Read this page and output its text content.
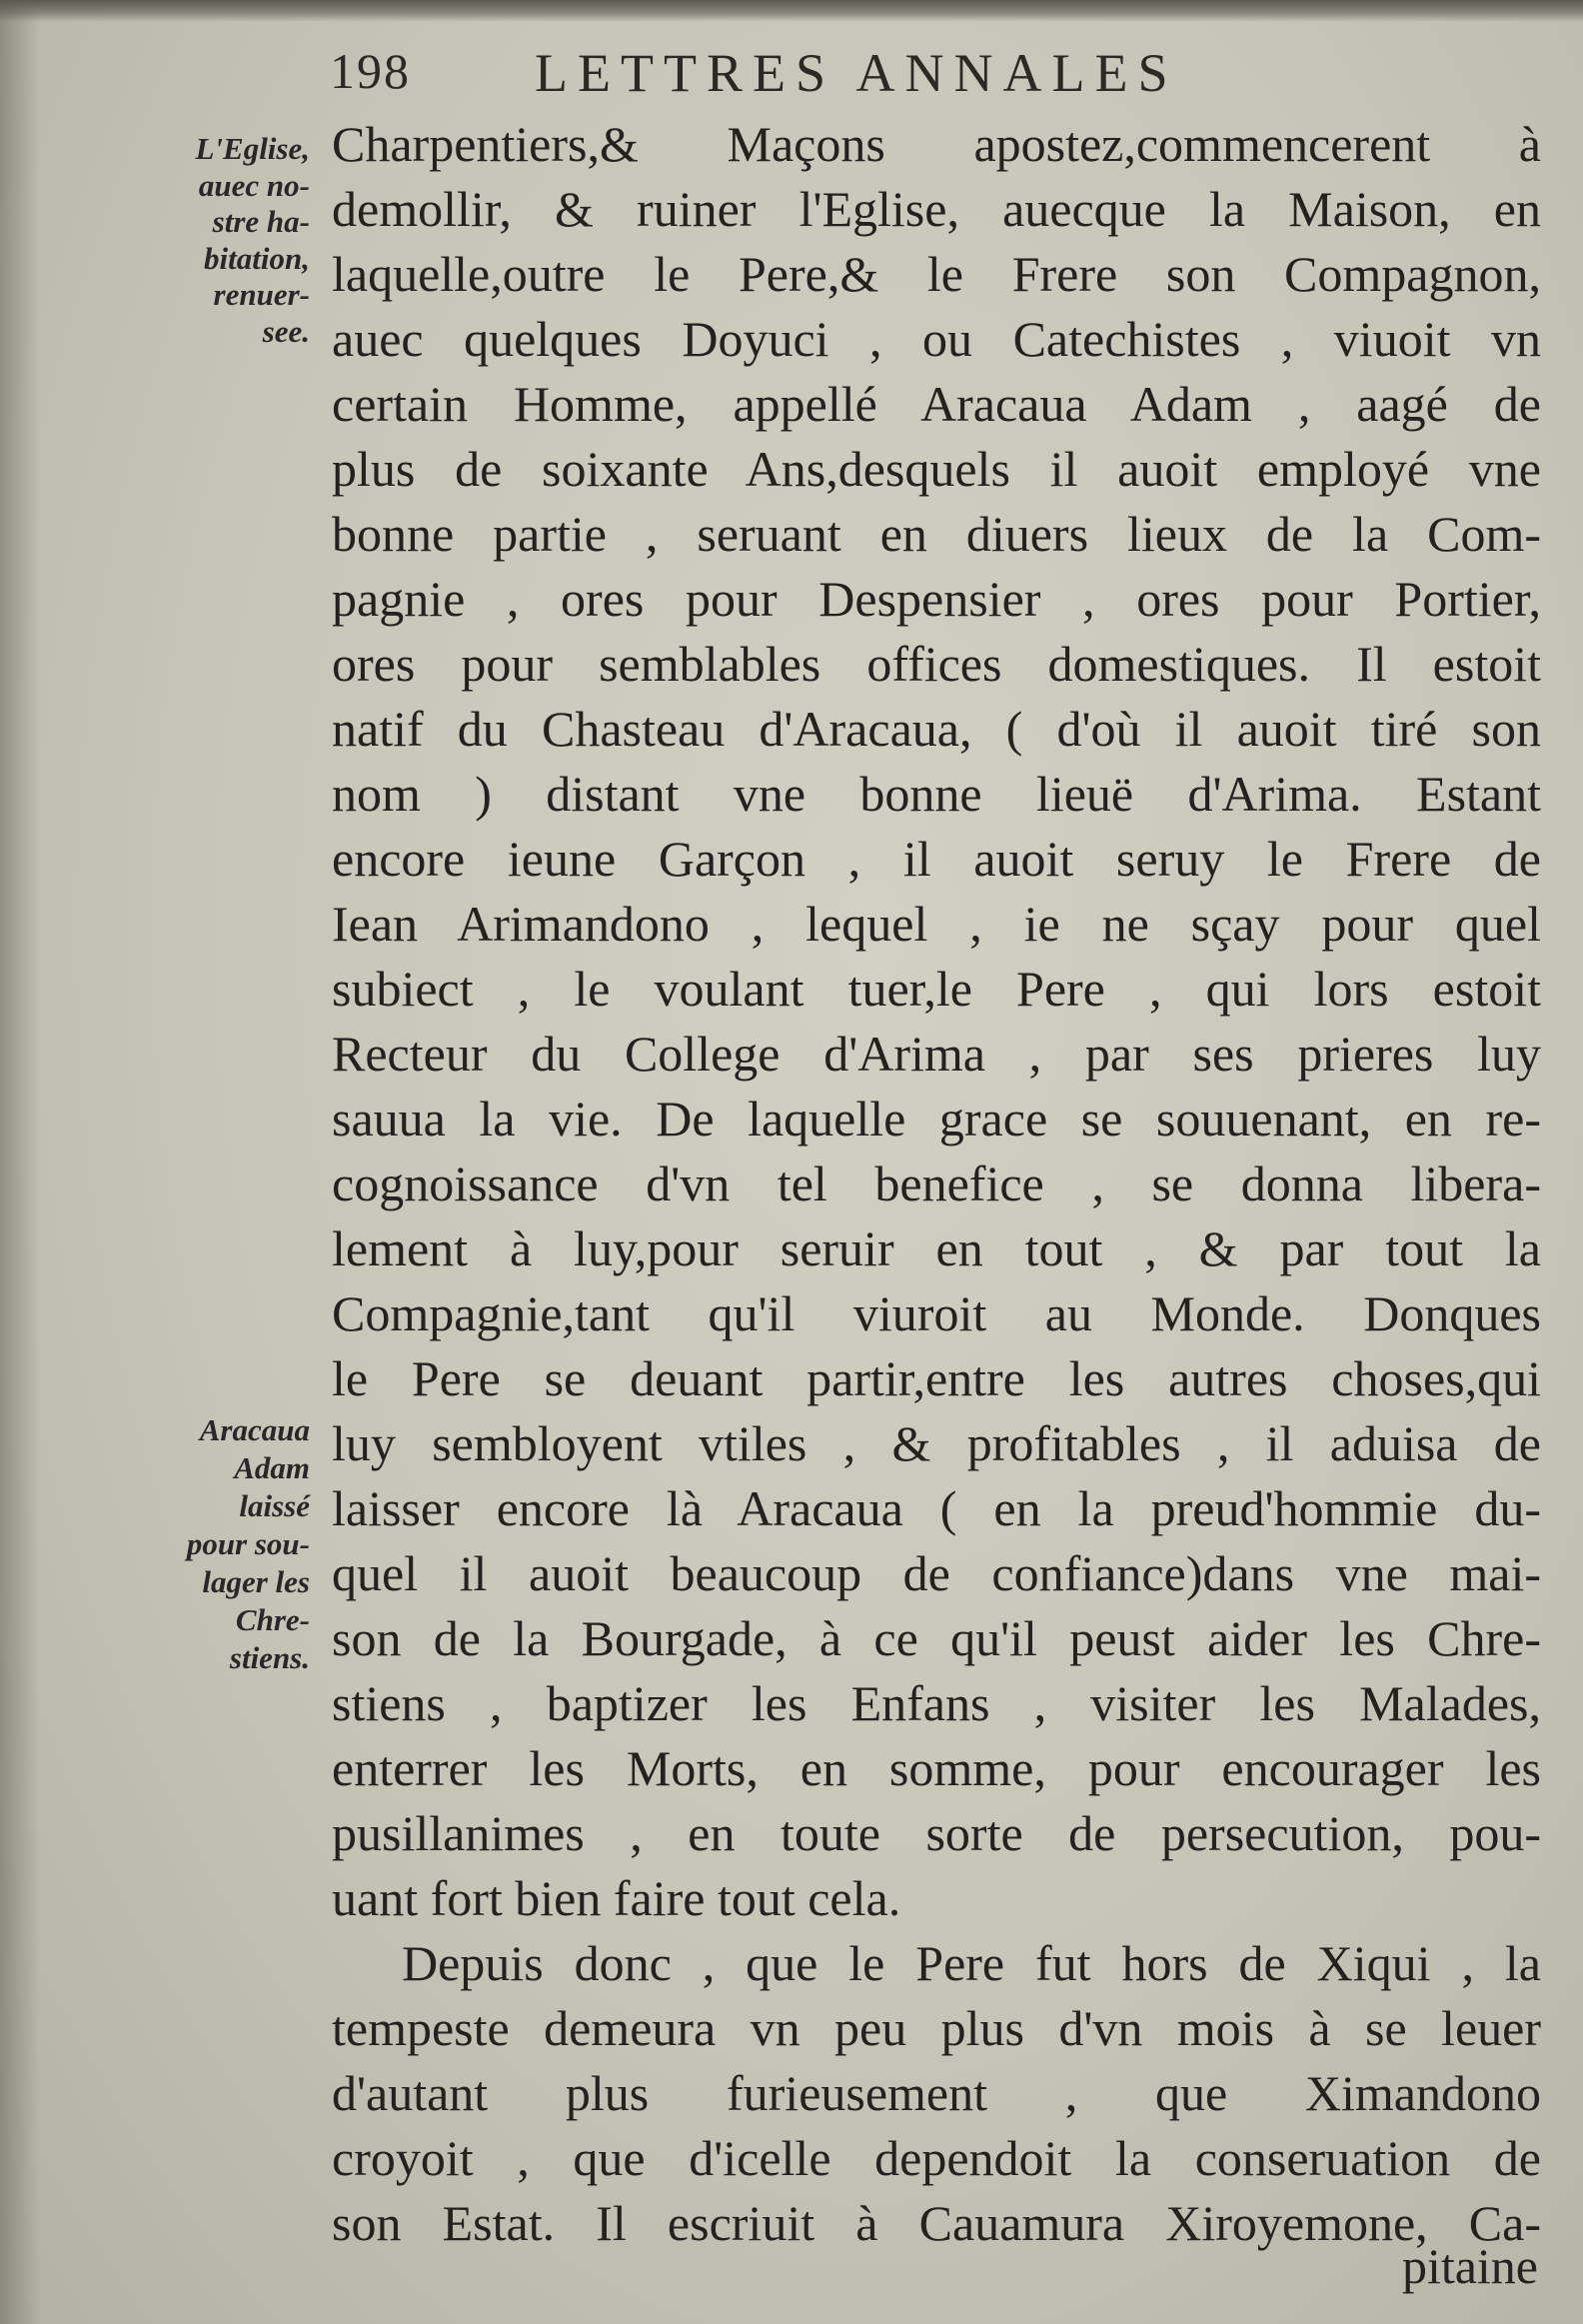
198 LETTRES ANNALES
L'Eglise,
auec no-
stre ha-
bitation,
renuer-
see.
Aracaua
Adam
laissé
pour sou-
lager les
Chre-
stiens.
Charpentiers,& Maçons apostez,commencerent à
demollir, & ruiner l'Eglise, auecque la Maison, en
laquelle,outre le Pere,& le Frere son Compagnon,
auec quelques Doyuci , ou Catechistes , viuoit vn
certain Homme, appellé Aracaua Adam , aagé de
plus de soixante Ans,desquels il auoit employé vne
bonne partie , seruant en diuers lieux de la Com-
pagnie , ores pour Despensier , ores pour Portier,
ores pour semblables offices domestiques. Il estoit
natif du Chasteau d'Aracaua, ( d'où il auoit tiré son
nom ) distant vne bonne lieuë d'Arima. Estant
encore ieune Garçon , il auoit seruy le Frere de
Iean Arimandono , lequel , ie ne sçay pour quel
subiect , le voulant tuer,le Pere , qui lors estoit
Recteur du College d'Arima , par ses prieres luy
sauua la vie. De laquelle grace se souuenant, en re-
cognoissance d'vn tel benefice , se donna libera-
lement à luy,pour seruir en tout , & par tout la
Compagnie,tant qu'il viuroit au Monde. Donques
le Pere se deuant partir,entre les autres choses,qui
luy sembloyent vtiles , & profitables , il aduisa de
laisser encore là Aracaua ( en la preud'hommie du-
quel il auoit beaucoup de confiance)dans vne mai-
son de la Bourgade, à ce qu'il peust aider les Chre-
stiens , baptizer les Enfans , visiter les Malades,
enterrer les Morts, en somme, pour encourager les
pusillanimes , en toute sorte de persecution, pou-
uant fort bien faire tout cela.
Depuis donc , que le Pere fut hors de Xiqui , la
tempeste demeura vn peu plus d'vn mois à se leuer
d'autant plus furieusement , que Ximandono
croyoit , que d'icelle dependoit la conseruation de
son Estat. Il escriuit à Cauamura Xiroyemone, Ca-
pitaine
